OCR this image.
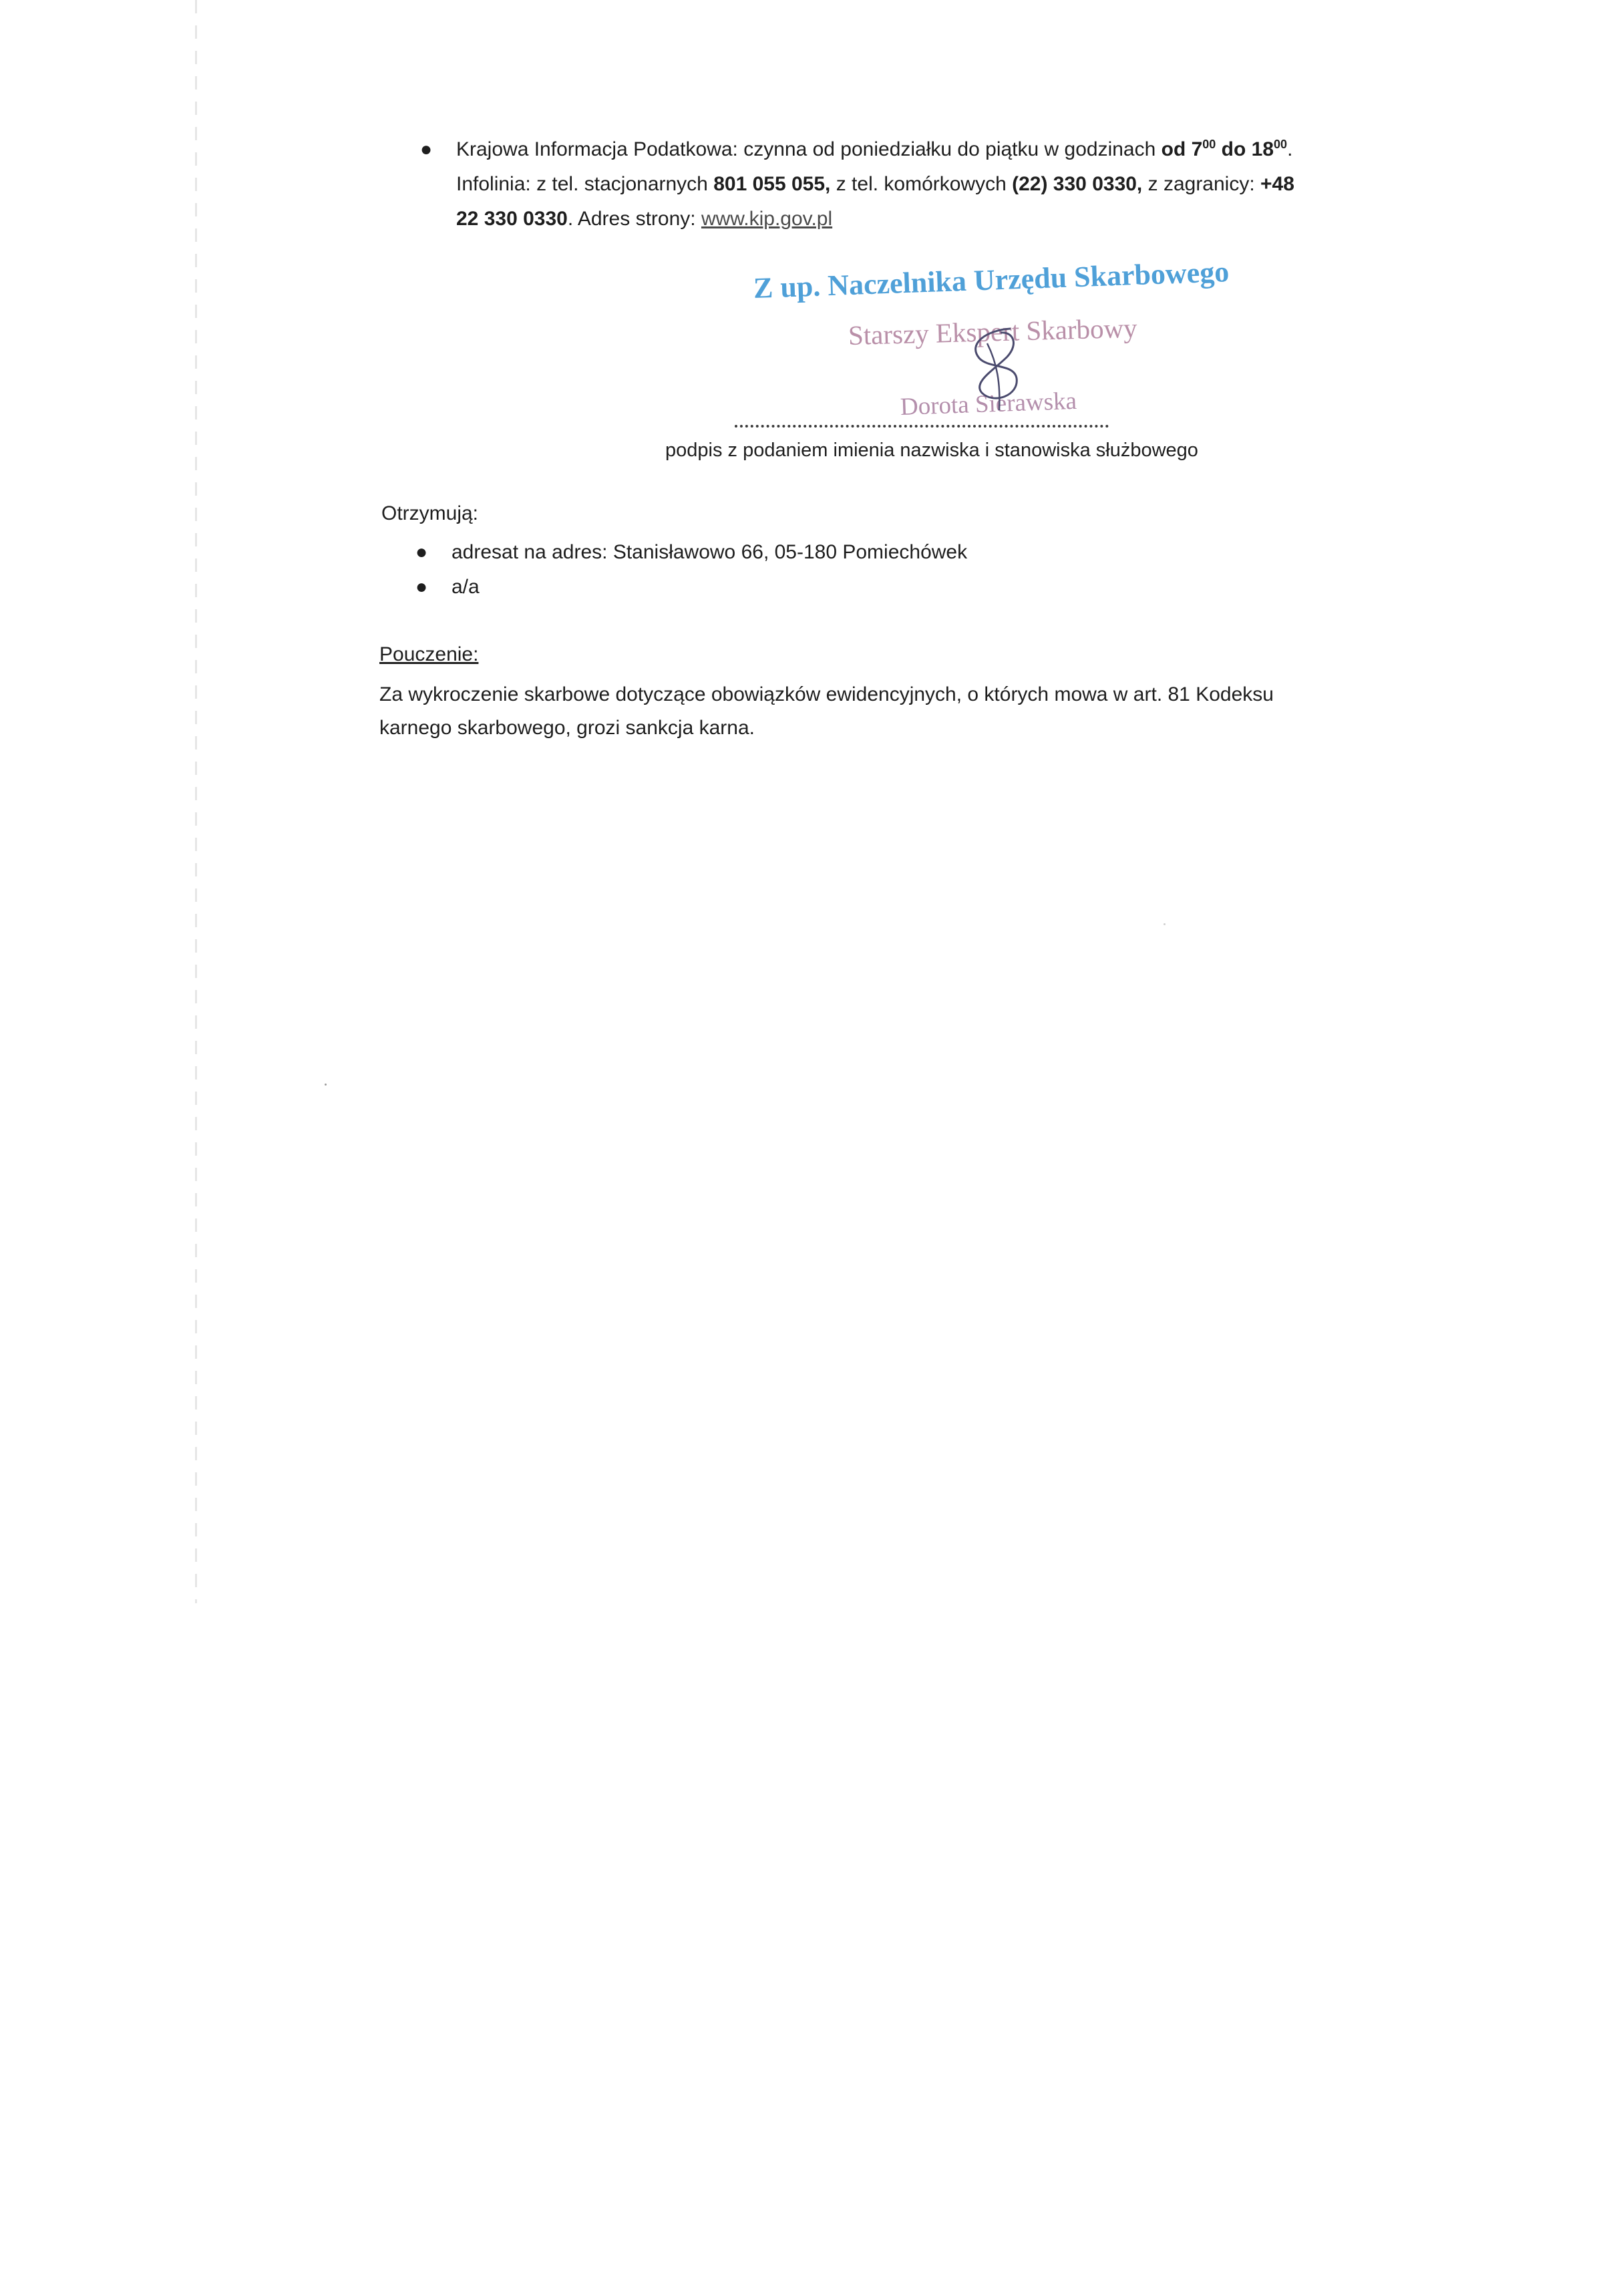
● Krajowa Informacja Podatkowa: czynna od poniedziałku do piątku w godzinach od $7^{00}$ do $18^{00}$.
Infolinia: z tel. stacjonarnych 801 055 055, z tel. komórkowych (22) 330 0330, z zagranicy: +48 22 330 0330. Adres strony: www.kip.gov.pl
Z up. Naczelnika Urzędu Skarbowego
Starszy Ekspert Skarbowy
Dorota Sierawska
podpis z podaniem imienia nazwiska i stanowiska służbowego
Otrzymują:
● adresat na adres: Stanisławowo 66, 05-180 Pomiechówek
● a/a
Pouczenie:
Za wykroczenie skarbowe dotyczące obowiązków ewidencyjnych, o których mowa w art. 81 Kodeksu karnego skarbowego, grozi sankcja karna.
